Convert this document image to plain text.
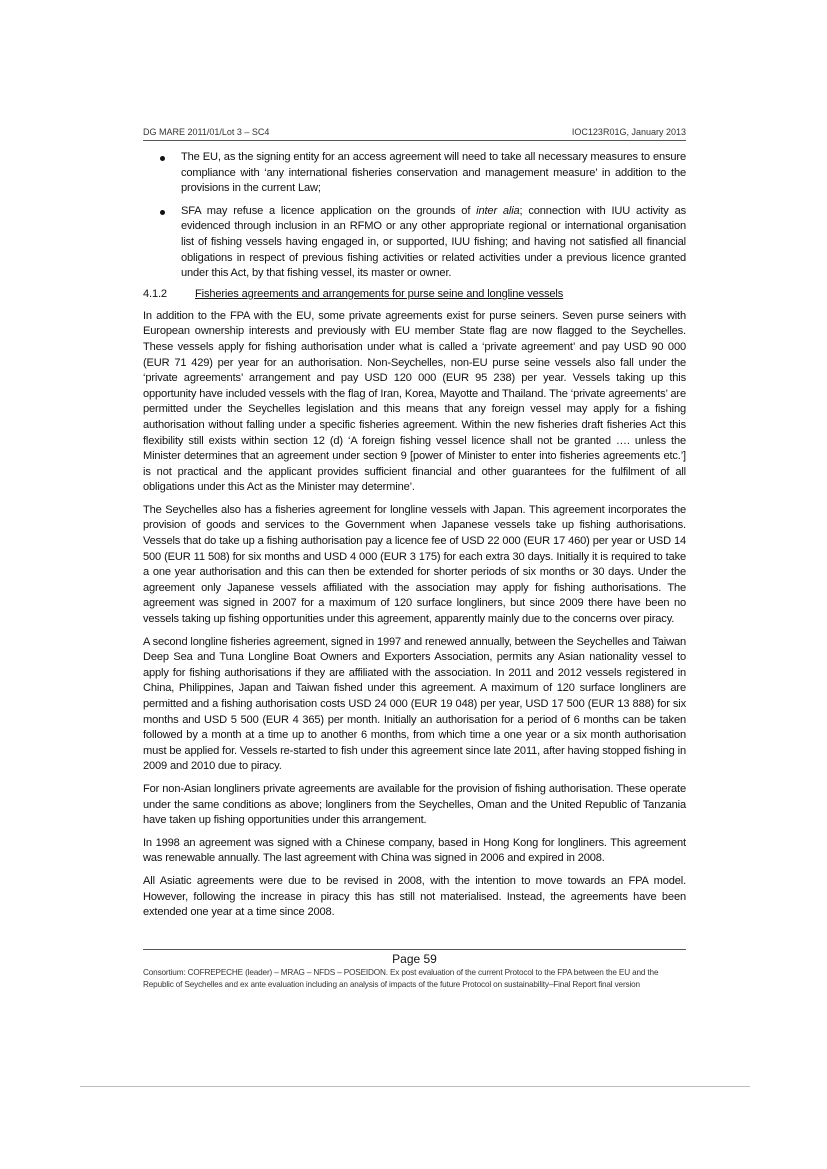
DG MARE 2011/01/Lot 3 – SC4	IOC123R01G, January 2013
The EU, as the signing entity for an access agreement will need to take all necessary measures to ensure compliance with ‘any international fisheries conservation and management measure’ in addition to the provisions in the current Law;
SFA may refuse a licence application on the grounds of inter alia; connection with IUU activity as evidenced through inclusion in an RFMO or any other appropriate regional or international organisation list of fishing vessels having engaged in, or supported, IUU fishing; and having not satisfied all financial obligations in respect of previous fishing activities or related activities under a previous licence granted under this Act, by that fishing vessel, its master or owner.
4.1.2	Fisheries agreements and arrangements for purse seine and longline vessels

In addition to the FPA with the EU, some private agreements exist for purse seiners. Seven purse seiners with European ownership interests and previously with EU member State flag are now flagged to the Seychelles. These vessels apply for fishing authorisation under what is called a ‘private agreement’ and pay USD 90 000 (EUR 71 429) per year for an authorisation. Non-Seychelles, non-EU purse seine vessels also fall under the ‘private agreements’ arrangement and pay USD 120 000 (EUR 95 238) per year. Vessels taking up this opportunity have included vessels with the flag of Iran, Korea, Mayotte and Thailand. The ‘private agreements’ are permitted under the Seychelles legislation and this means that any foreign vessel may apply for a fishing authorisation without falling under a specific fisheries agreement. Within the new fisheries draft fisheries Act this flexibility still exists within section 12 (d) ‘A foreign fishing vessel licence shall not be granted …. unless the Minister determines that an agreement under section 9 [power of Minister to enter into fisheries agreements etc.’] is not practical and the applicant provides sufficient financial and other guarantees for the fulfilment of all obligations under this Act as the Minister may determine’.

The Seychelles also has a fisheries agreement for longline vessels with Japan. This agreement incorporates the provision of goods and services to the Government when Japanese vessels take up fishing authorisations. Vessels that do take up a fishing authorisation pay a licence fee of USD 22 000 (EUR 17 460) per year or USD 14 500 (EUR 11 508) for six months and USD 4 000 (EUR 3 175) for each extra 30 days. Initially it is required to take a one year authorisation and this can then be extended for shorter periods of six months or 30 days. Under the agreement only Japanese vessels affiliated with the association may apply for fishing authorisations. The agreement was signed in 2007 for a maximum of 120 surface longliners, but since 2009 there have been no vessels taking up fishing opportunities under this agreement, apparently mainly due to the concerns over piracy.

A second longline fisheries agreement, signed in 1997 and renewed annually, between the Seychelles and Taiwan Deep Sea and Tuna Longline Boat Owners and Exporters Association, permits any Asian nationality vessel to apply for fishing authorisations if they are affiliated with the association. In 2011 and 2012 vessels registered in China, Philippines, Japan and Taiwan fished under this agreement. A maximum of 120 surface longliners are permitted and a fishing authorisation costs USD 24 000 (EUR 19 048) per year, USD 17 500 (EUR 13 888) for six months and USD 5 500 (EUR 4 365) per month. Initially an authorisation for a period of 6 months can be taken followed by a month at a time up to another 6 months, from which time a one year or a six month authorisation must be applied for. Vessels re-started to fish under this agreement since late 2011, after having stopped fishing in 2009 and 2010 due to piracy.

For non-Asian longliners private agreements are available for the provision of fishing authorisation. These operate under the same conditions as above; longliners from the Seychelles, Oman and the United Republic of Tanzania have taken up fishing opportunities under this arrangement.

In 1998 an agreement was signed with a Chinese company, based in Hong Kong for longliners. This agreement was renewable annually. The last agreement with China was signed in 2006 and expired in 2008.

All Asiatic agreements were due to be revised in 2008, with the intention to move towards an FPA model. However, following the increase in piracy this has still not materialised. Instead, the agreements have been extended one year at a time since 2008.

Page 59
Consortium: COFREPECHE (leader) – MRAG – NFDS – POSEIDON. Ex post evaluation of the current Protocol to the FPA between the EU and the Republic of Seychelles and ex ante evaluation including an analysis of impacts of the future Protocol on sustainability–Final Report final version
